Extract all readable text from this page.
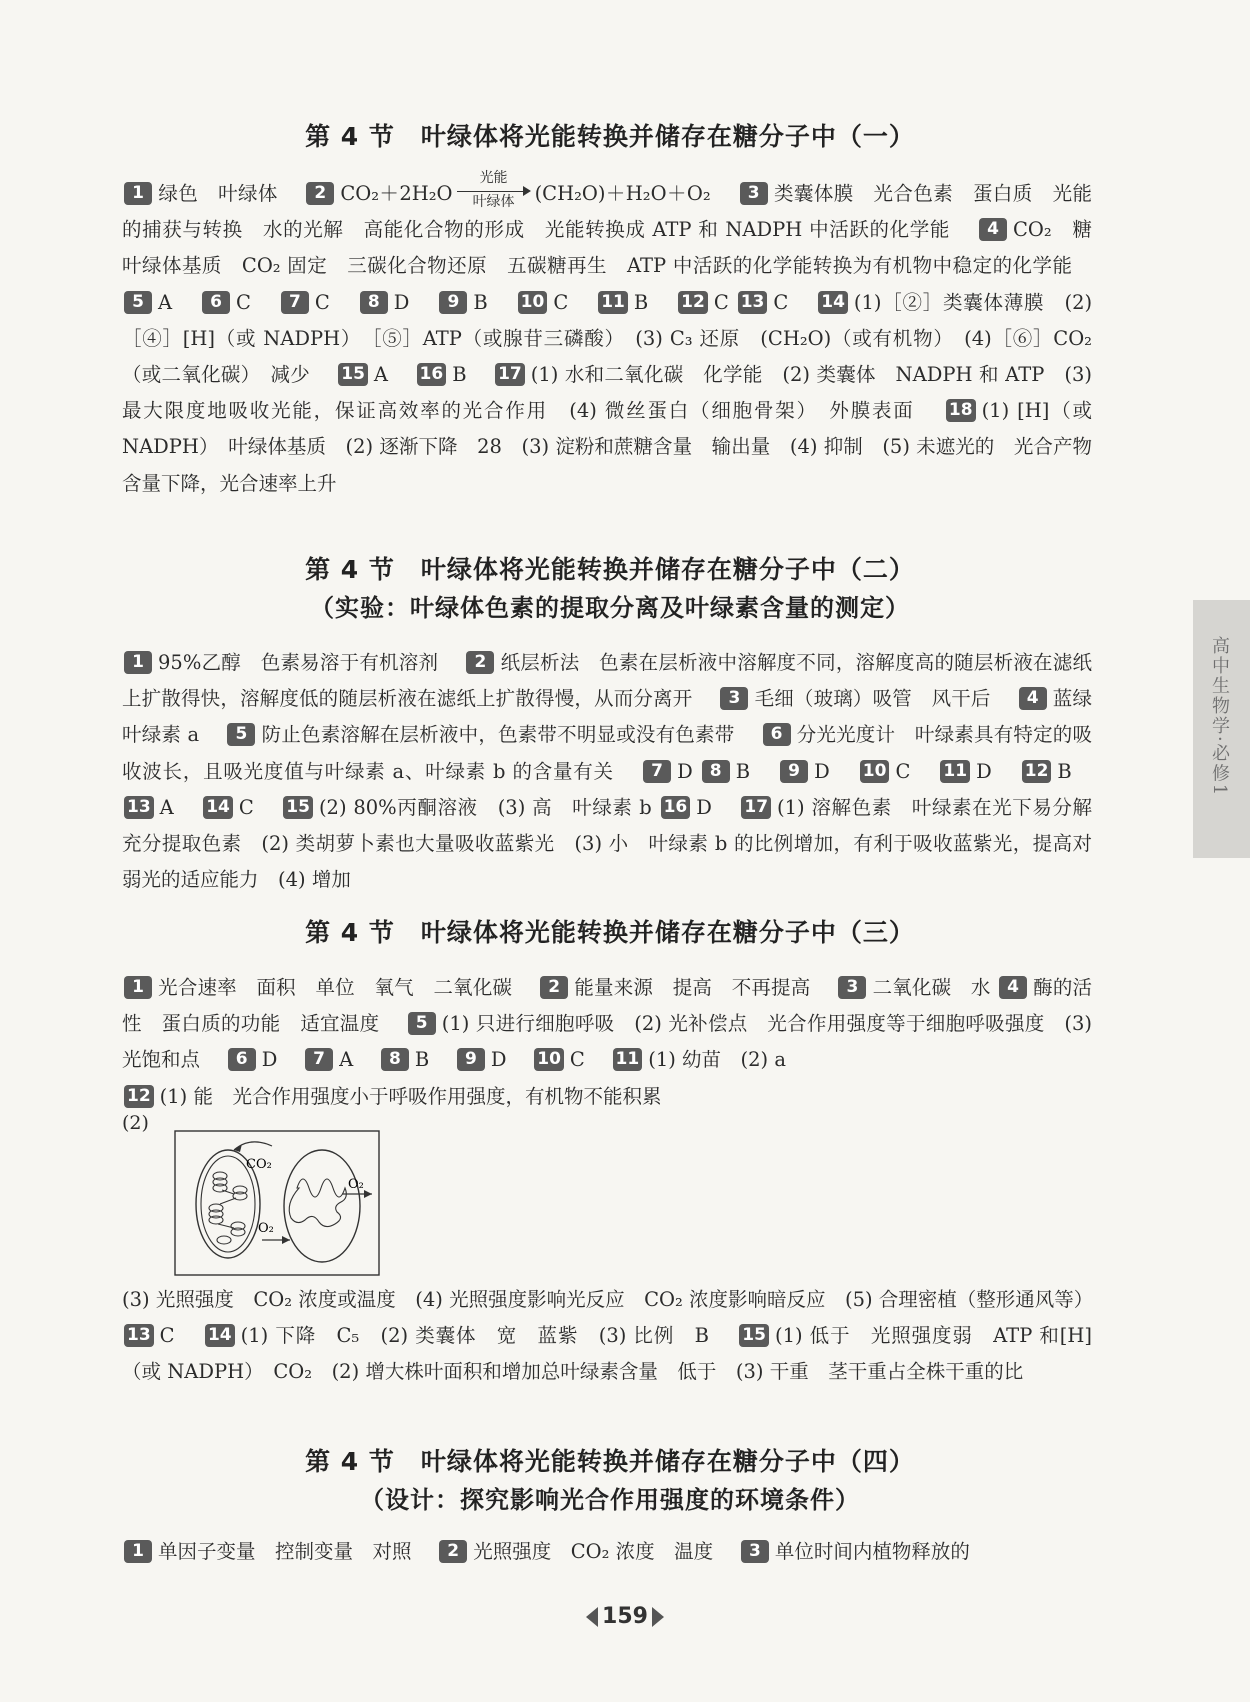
第 4 节　叶绿体将光能转换并储存在糖分子中（一）

1 绿色　叶绿体　 2 $CO_2+2H_2O \frac{\text{光能}}{\text{叶绿体}} (CH_2O)+H_2O+O_2$　 3 类囊体膜　光合色素　蛋白质　光能的捕获与转换　水的光解　高能化合物的形成　光能转换成 ATP 和 NADPH 中活跃的化学能　 4 CO₂　糖　叶绿体基质　CO₂ 固定　三碳化合物还原　五碳糖再生　ATP 中活跃的化学能转换为有机物中稳定的化学能　 5 A　 6 C　 7 C　 8 D　 9 B　 10 C　 11 B　 12 C 13 C　 14 (1)［②］类囊体薄膜　(2)［④］[H]（或 NADPH）　［⑤］ATP（或腺苷三磷酸）　(3) C₃ 还原　(CH₂O)（或有机物）　(4)［⑥］CO₂（或二氧化碳）　减少　 15 A　 16 B　 17 (1) 水和二氧化碳　化学能　(2) 类囊体　NADPH 和 ATP　(3) 最大限度地吸收光能，保证高效率的光合作用　(4) 微丝蛋白（细胞骨架）　外膜表面　 18 (1) [H]（或 NADPH）　叶绿体基质　(2) 逐渐下降　28　(3) 淀粉和蔗糖含量　输出量　(4) 抑制　(5) 未遮光的　光合产物含量下降，光合速率上升

第 4 节　叶绿体将光能转换并储存在糖分子中（二）
（实验：叶绿体色素的提取分离及叶绿素含量的测定）

1 95%乙醇　色素易溶于有机溶剂　 2 纸层析法　色素在层析液中溶解度不同，溶解度高的随层析液在滤纸上扩散得快，溶解度低的随层析液在滤纸上扩散得慢，从而分离开　 3 毛细（玻璃）吸管　风干后　 4 蓝绿　叶绿素 a　 5 防止色素溶解在层析液中，色素带不明显或没有色素带　 6 分光光度计　叶绿素具有特定的吸收波长，且吸光度值与叶绿素 a、叶绿素 b 的含量有关　 7 D 8 B　 9 D　 10 C　 11 D　 12 B　 13 A　 14 C　 15 (2) 80%丙酮溶液　(3) 高　叶绿素 b 16 D　 17 (1) 溶解色素　叶绿素在光下易分解　充分提取色素　(2) 类胡萝卜素也大量吸收蓝紫光　(3) 小　叶绿素 b 的比例增加，有利于吸收蓝紫光，提高对弱光的适应能力　(4) 增加

第 4 节　叶绿体将光能转换并储存在糖分子中（三）

1 光合速率　面积　单位　氧气　二氧化碳　 2 能量来源　提高　不再提高　 3 二氧化碳　水 4 酶的活性　蛋白质的功能　适宜温度　 5 (1) 只进行细胞呼吸　(2) 光补偿点　光合作用强度等于细胞呼吸强度　(3) 光饱和点　 6 D　 7 A　 8 B　 9 D　 10 C　 11 (1) 幼苗　(2) a

12 (1) 能　光合作用强度小于呼吸作用强度，有机物不能积累

(2)
CO₂
O₂
O₂

(3) 光照强度　CO₂ 浓度或温度　(4) 光照强度影响光反应　CO₂ 浓度影响暗反应　(5) 合理密植（整形通风等）　 13 C　 14 (1) 下降　C₅　(2) 类囊体　宽　蓝紫　(3) 比例　B　 15 (1) 低于　光照强度弱　ATP 和[H]（或 NADPH）　CO₂　(2) 增大株叶面积和增加总叶绿素含量　低于　(3) 干重　茎干重占全株干重的比

第 4 节　叶绿体将光能转换并储存在糖分子中（四）
（设计：探究影响光合作用强度的环境条件）

1 单因子变量　控制变量　对照　 2 光照强度　CO₂ 浓度　温度　 3 单位时间内植物释放的

高中生物学·必修1
159
